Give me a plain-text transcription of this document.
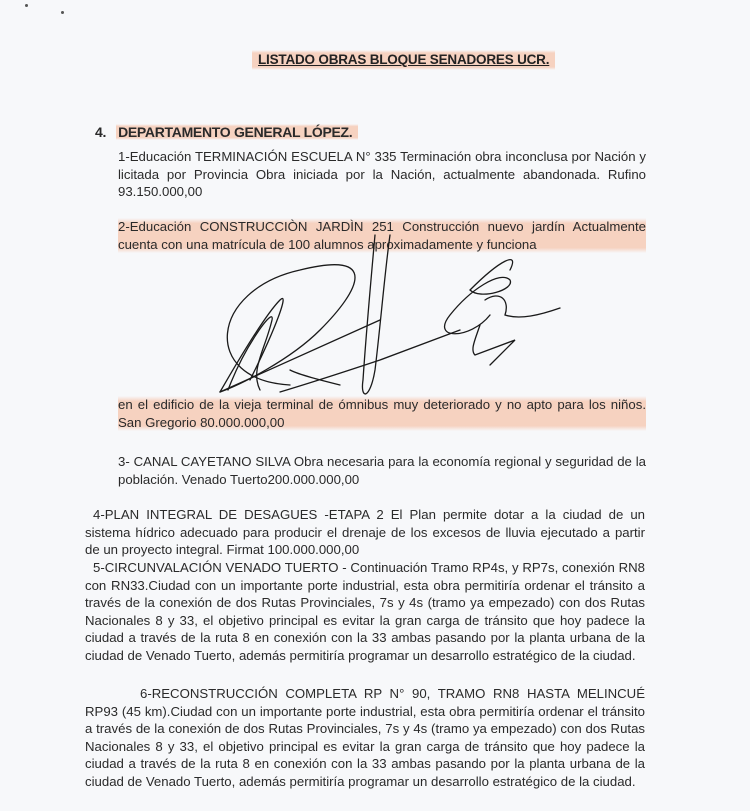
LISTADO OBRAS BLOQUE SENADORES UCR.
4. DEPARTAMENTO GENERAL LÓPEZ.

1-Educación TERMINACIÓN ESCUELA N° 335 Terminación obra inconclusa por Nación y licitada por Provincia Obra iniciada por la Nación, actualmente abandonada. Rufino 93.150.000,00

2-Educación CONSTRUCCIÒN JARDÌN 251 Construcción nuevo jardín Actualmente cuenta con una matrícula de 100 alumnos aproximadamente y funciona

en el edificio de la vieja terminal de ómnibus muy deteriorado y no apto para los niños. San Gregorio 80.000.000,00

3- CANAL CAYETANO SILVA Obra necesaria para la economía regional y seguridad de la población. Venado Tuerto200.000.000,00

4-PLAN INTEGRAL DE DESAGUES -ETAPA 2 El Plan permite dotar a la ciudad de un sistema hídrico adecuado para producir el drenaje de los excesos de lluvia ejecutado a partir de un proyecto integral. Firmat 100.000.000,00

5-CIRCUNVALACIÓN VENADO TUERTO - Continuación Tramo RP4s, y RP7s, conexión RN8 con RN33.Ciudad con un importante porte industrial, esta obra permitiría ordenar el tránsito a través de la conexión de dos Rutas Provinciales, 7s y 4s (tramo ya empezado) con dos Rutas Nacionales 8 y 33, el objetivo principal es evitar la gran carga de tránsito que hoy padece la ciudad a través de la ruta 8 en conexión con la 33 ambas pasando por la planta urbana de la ciudad de Venado Tuerto, además permitiría programar un desarrollo estratégico de la ciudad.

6-RECONSTRUCCIÓN COMPLETA RP N° 90, TRAMO RN8 HASTA MELINCUÉ RP93 (45 km).Ciudad con un importante porte industrial, esta obra permitiría ordenar el tránsito a través de la conexión de dos Rutas Provinciales, 7s y 4s (tramo ya empezado) con dos Rutas Nacionales 8 y 33, el objetivo principal es evitar la gran carga de tránsito que hoy padece la ciudad a través de la ruta 8 en conexión con la 33 ambas pasando por la planta urbana de la ciudad de Venado Tuerto, además permitiría programar un desarrollo estratégico de la ciudad.
